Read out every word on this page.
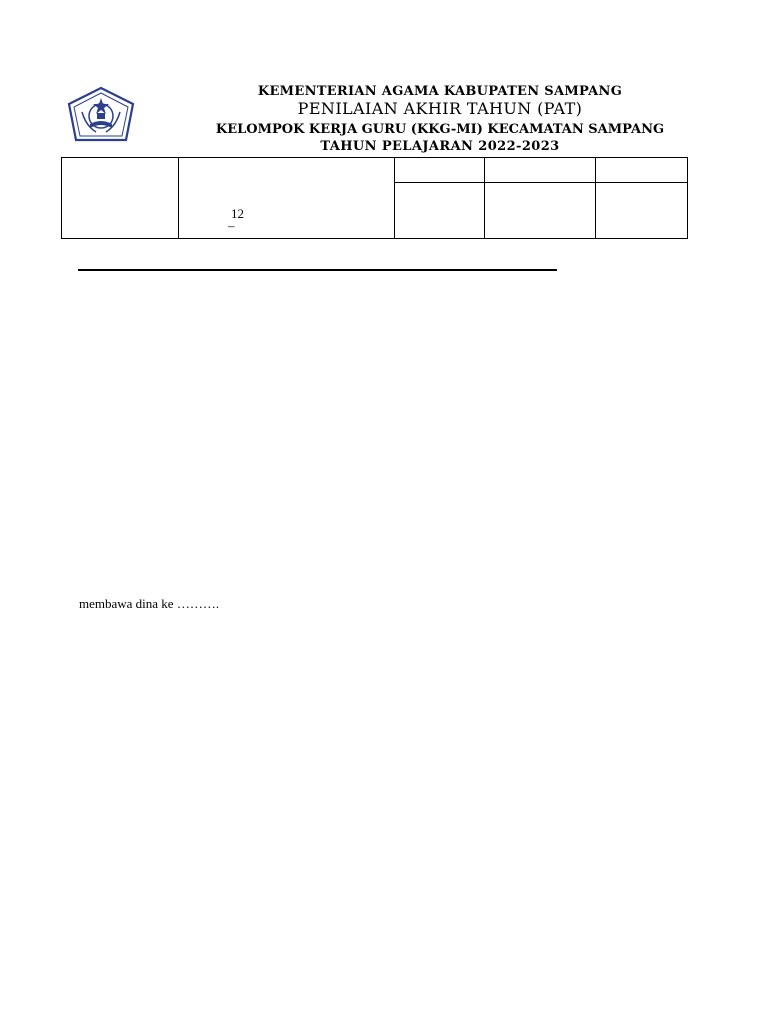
KEMENTERIAN AGAMA KABUPATEN SAMPANG
PENILAIAN AKHIR TAHUN (PAT)
KELOMPOK KERJA GURU (KKG-MI) KECAMATAN SAMPANG
TAHUN PELAJARAN 2022-2023

	12
–			

membawa dina ke ……….
